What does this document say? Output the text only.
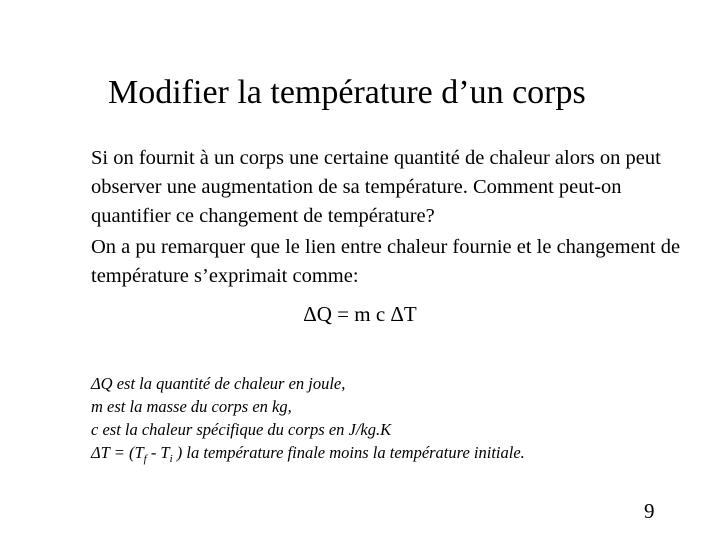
Modifier la température d’un corps
Si on fournit à un corps une certaine quantité de chaleur alors on peut observer une augmentation de sa température. Comment peut-on quantifier ce changement de température?
On a pu remarquer que le lien entre chaleur fournie et le changement de température s’exprimait comme:
ΔQ = m c ΔT
ΔQ est la quantité de chaleur en joule,
m est la masse du corps en kg,
c est la chaleur spécifique du corps en J/kg.K
$\Delta T = (T_f - T_i$ ) la température finale moins la température initiale.
9
